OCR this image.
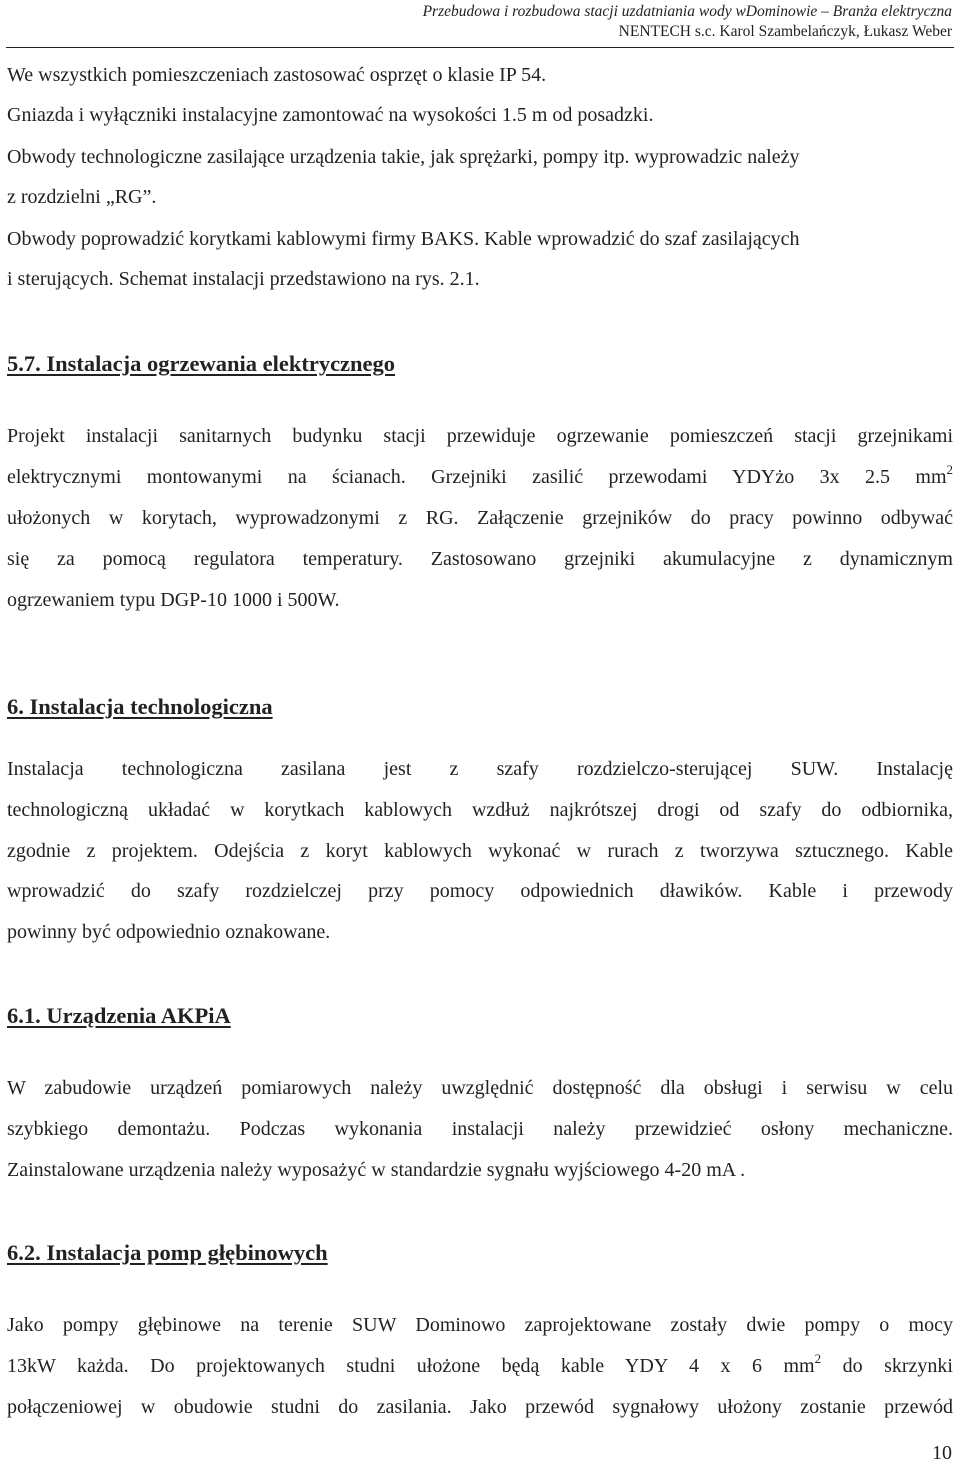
Przebudowa i rozbudowa stacji uzdatniania wody wDominowie – Branża elektryczna
NENTECH s.c. Karol Szambelańczyk, Łukasz Weber
We wszystkich pomieszczeniach zastosować osprzęt o klasie IP 54.
Gniazda i wyłączniki instalacyjne zamontować na wysokości 1.5 m od posadzki.
Obwody technologiczne zasilające urządzenia takie, jak sprężarki, pompy itp. wyprowadzic należy
z rozdzielni „RG”.
Obwody poprowadzić korytkami kablowymi firmy BAKS. Kable wprowadzić do szaf zasilających
i sterujących. Schemat instalacji przedstawiono na rys. 2.1.
5.7. Instalacja ogrzewania elektrycznego
Projekt instalacji sanitarnych budynku stacji przewiduje ogrzewanie pomieszczeń stacji grzejnikami
elektrycznymi montowanymi na ścianach. Grzejniki zasilić przewodami YDYżo 3x 2.5 $mm^2$
ułożonych w korytach, wyprowadzonymi z RG. Załączenie grzejników do pracy powinno odbywać
się za pomocą regulatora temperatury. Zastosowano grzejniki akumulacyjne z dynamicznym
ogrzewaniem typu DGP-10 1000 i 500W.
6. Instalacja technologiczna
Instalacja technologiczna zasilana jest z szafy rozdzielczo-sterującej SUW. Instalację
technologiczną układać w korytkach kablowych wzdłuż najkrótszej drogi od szafy do odbiornika,
zgodnie z projektem. Odejścia z koryt kablowych wykonać w rurach z tworzywa sztucznego. Kable
wprowadzić do szafy rozdzielczej przy pomocy odpowiednich dławików. Kable i przewody
powinny być odpowiednio oznakowane.
6.1. Urządzenia AKPiA
W zabudowie urządzeń pomiarowych należy uwzględnić dostępność dla obsługi i serwisu w celu
szybkiego demontażu. Podczas wykonania instalacji należy przewidzieć osłony mechaniczne.
Zainstalowane urządzenia należy wyposażyć w standardzie sygnału wyjściowego 4-20 mA .
6.2. Instalacja pomp głębinowych
Jako pompy głębinowe na terenie SUW Dominowo zaprojektowane zostały dwie pompy o mocy
13kW każda. Do projektowanych studni ułożone będą kable YDY 4 x 6 $mm^2$ do skrzynki
połączeniowej w obudowie studni do zasilania. Jako przewód sygnałowy ułożony zostanie przewód
10
